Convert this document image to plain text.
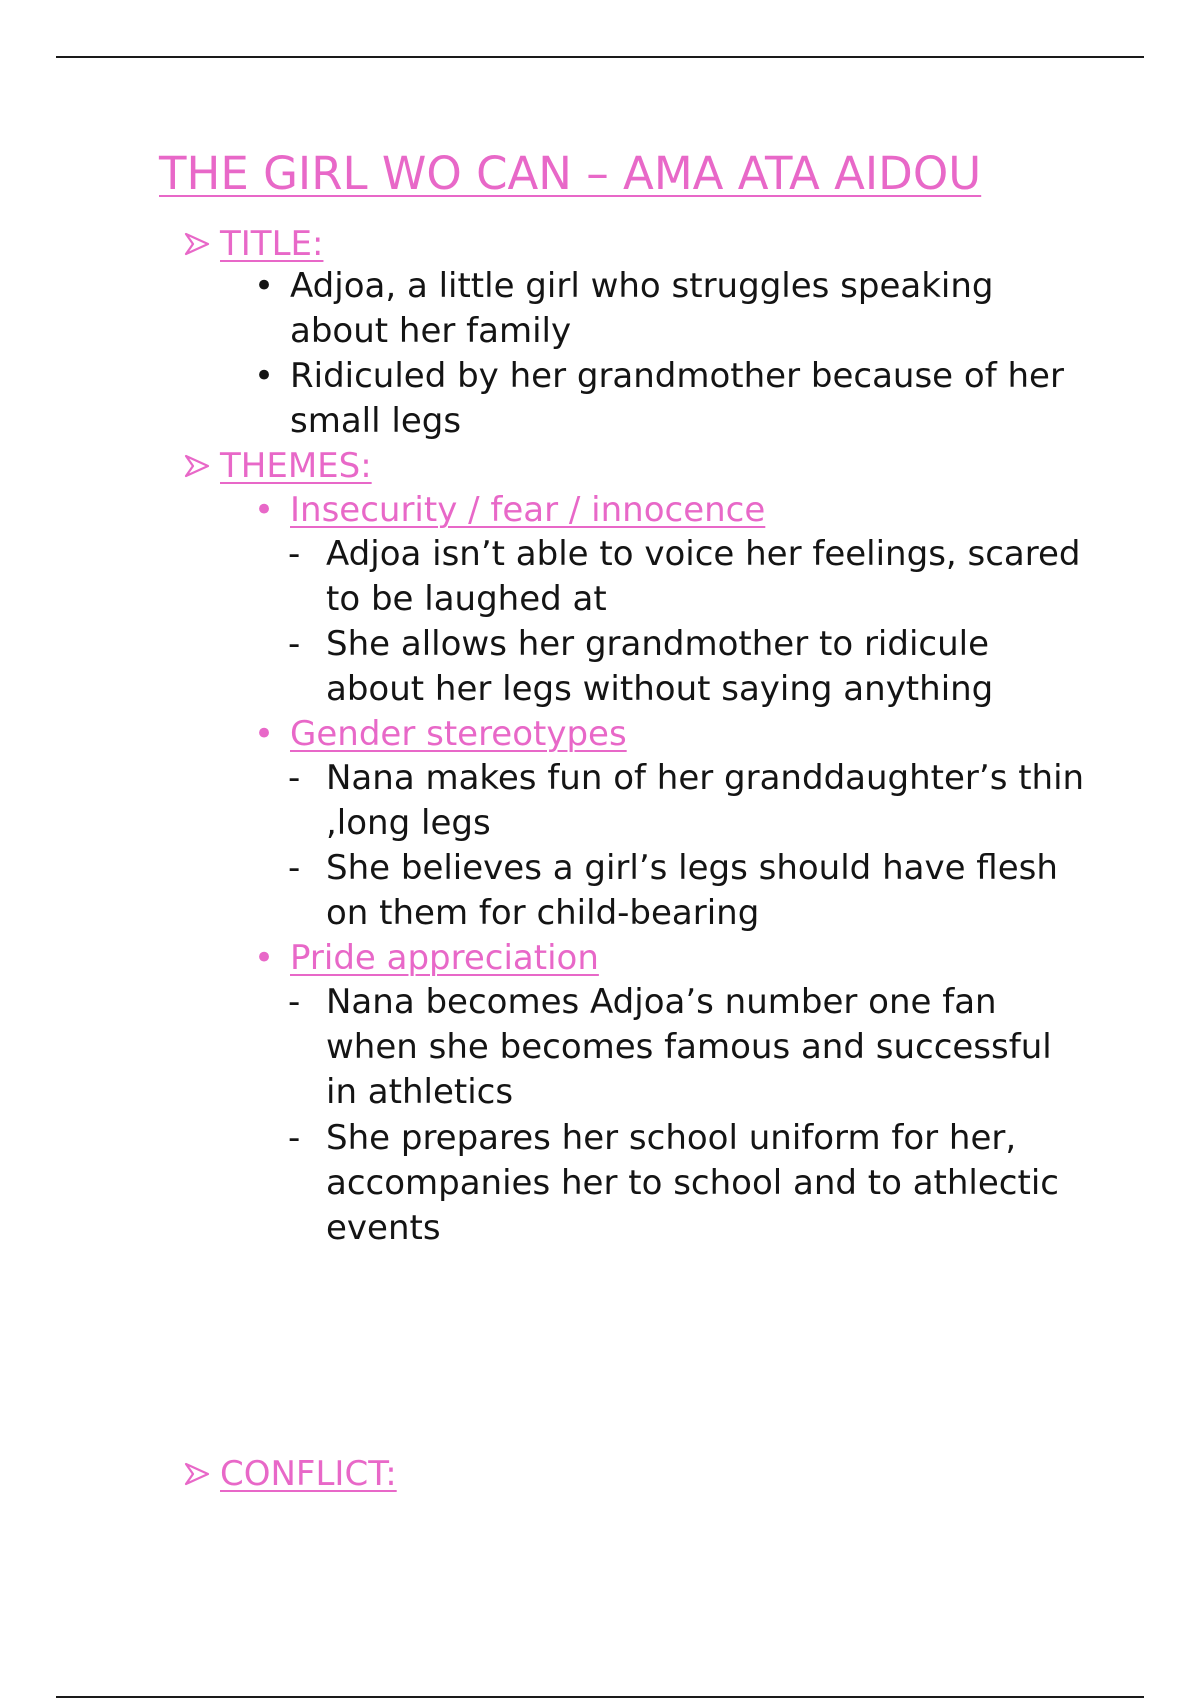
THE GIRL WO CAN – AMA ATA AIDOU
TITLE:
• Adjoa, a little girl who struggles speaking about her family
• Ridiculed by her grandmother because of her small legs
THEMES:
• Insecurity / fear / innocence
- Adjoa isn’t able to voice her feelings, scared to be laughed at
- She allows her grandmother to ridicule about her legs without saying anything
• Gender stereotypes
- Nana makes fun of her granddaughter’s thin ,long legs
- She believes a girl’s legs should have flesh on them for child-bearing
• Pride appreciation
- Nana becomes Adjoa’s number one fan when she becomes famous and successful in athletics
- She prepares her school uniform for her, accompanies her to school and to athlectic events
CONFLICT:
